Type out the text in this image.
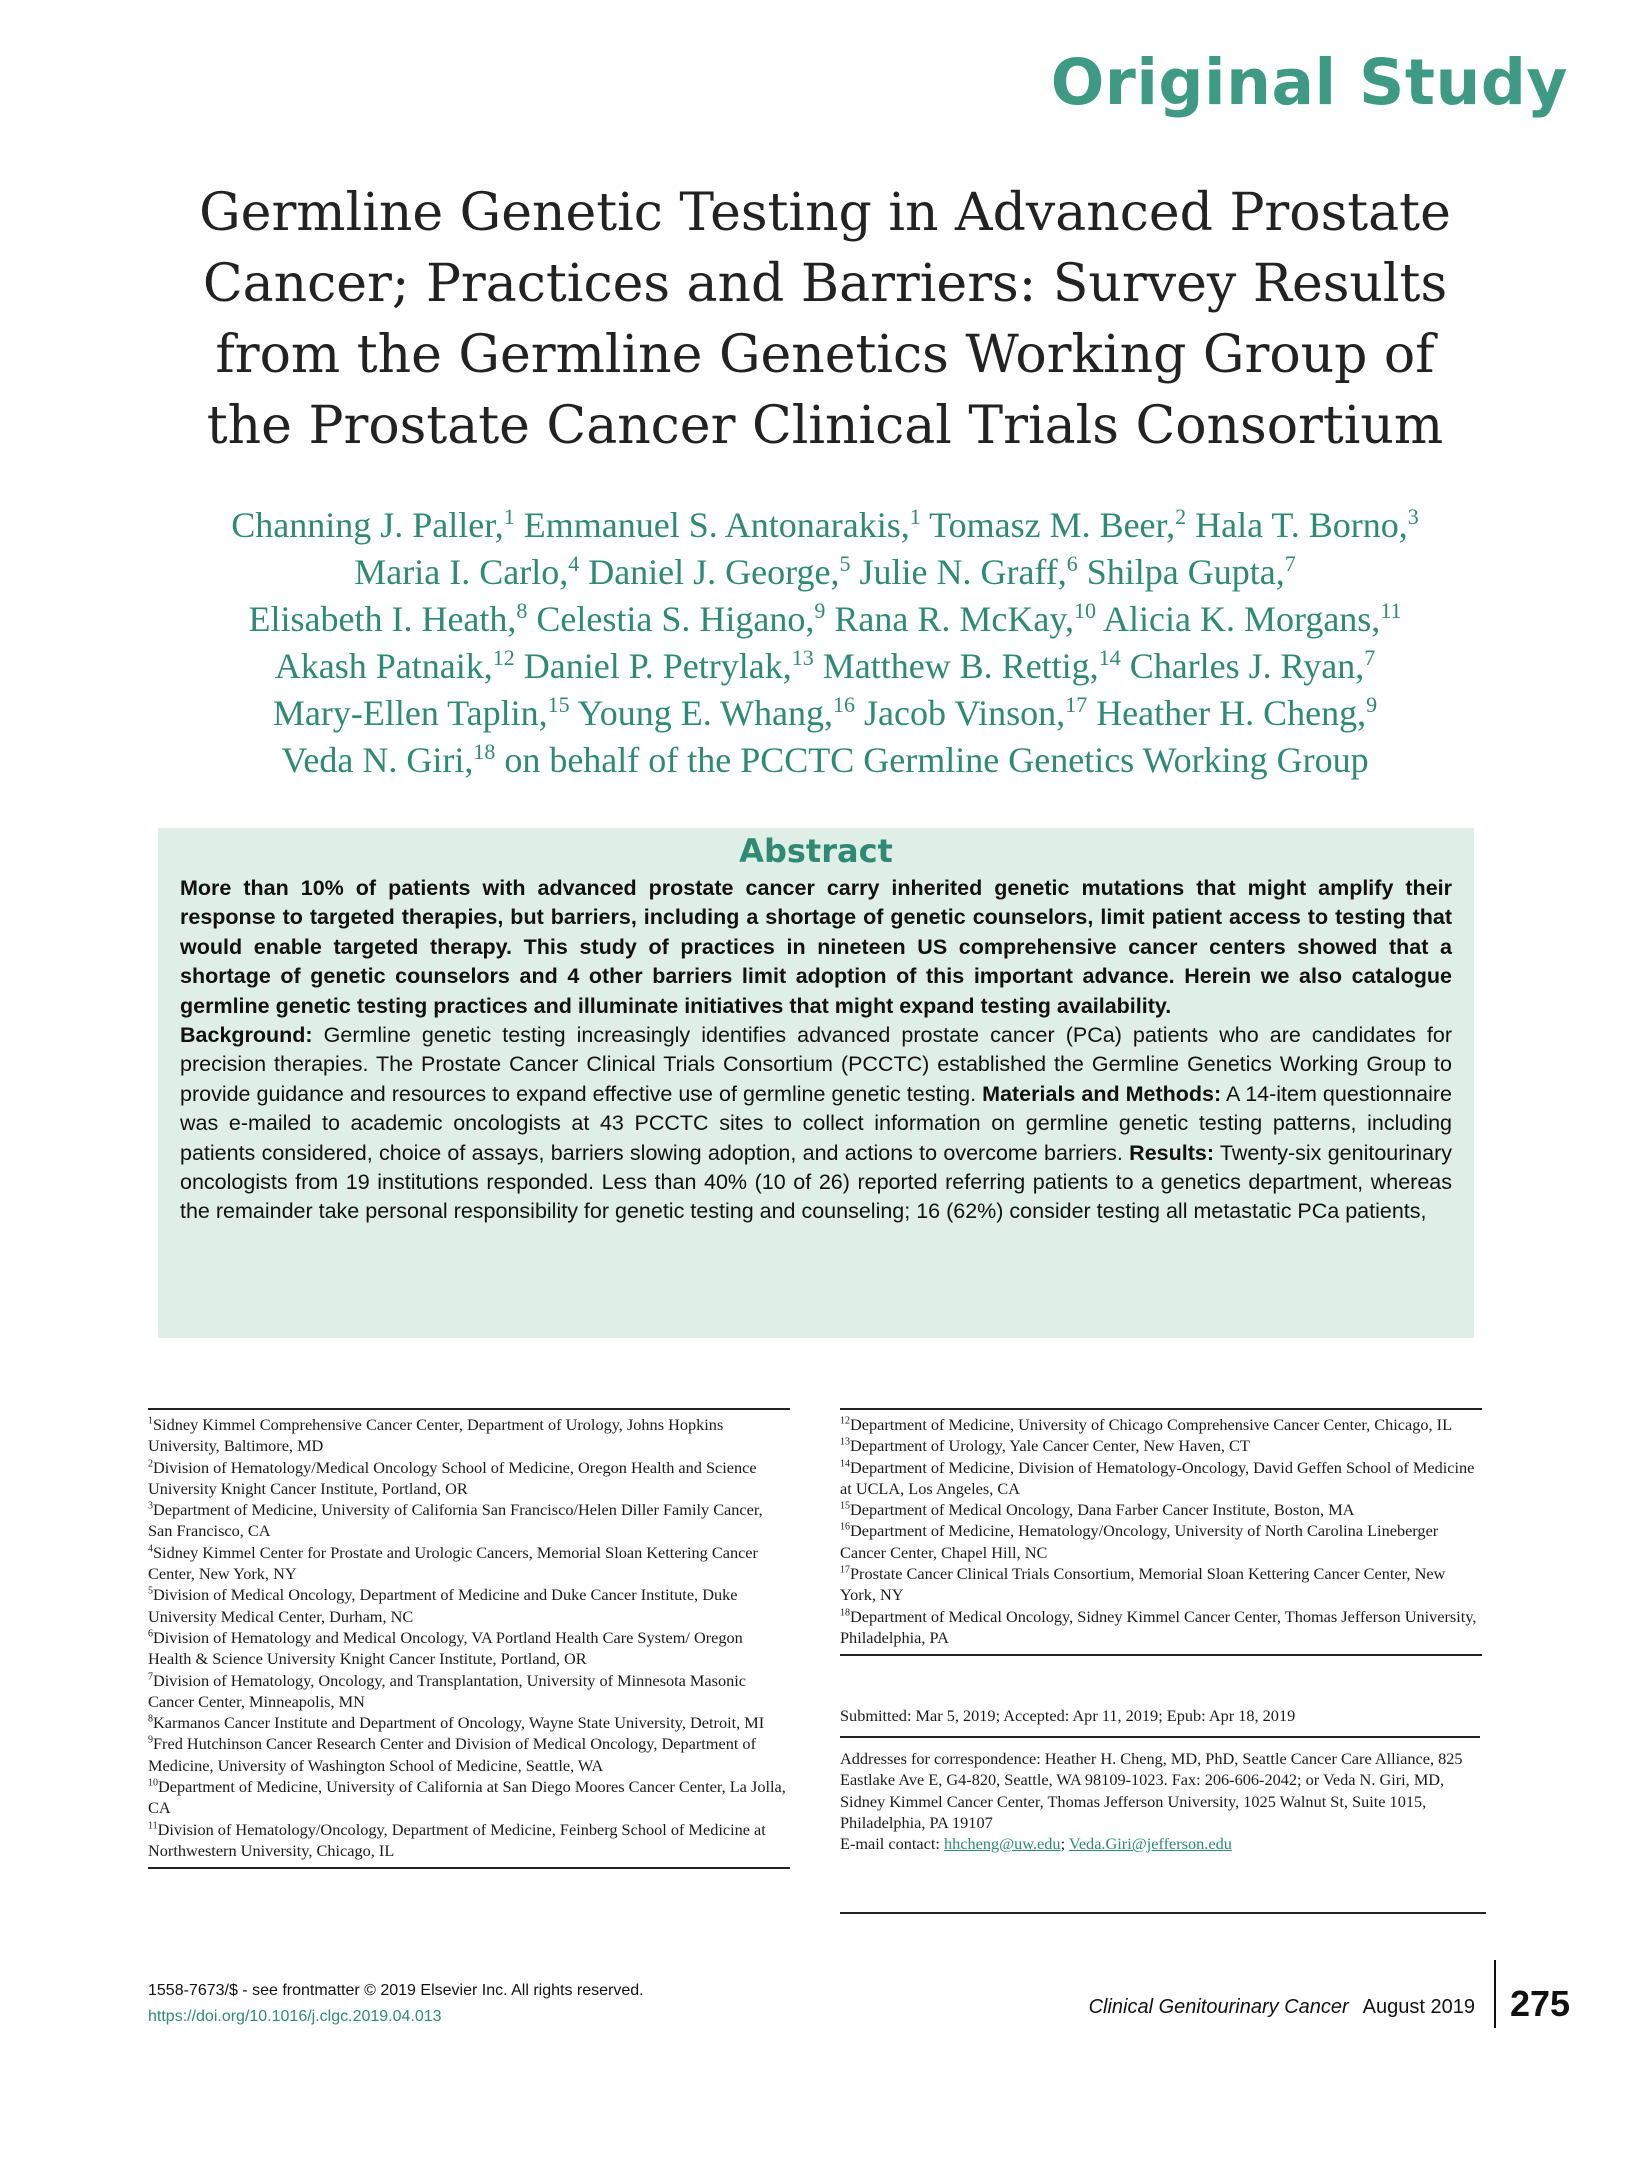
Original Study
Germline Genetic Testing in Advanced Prostate
Cancer; Practices and Barriers: Survey Results
from the Germline Genetics Working Group of
the Prostate Cancer Clinical Trials Consortium
Channing J. Paller,$^1$ Emmanuel S. Antonarakis,$^1$ Tomasz M. Beer,$^2$ Hala T. Borno,$^3$
Maria I. Carlo,$^4$ Daniel J. George,$^5$ Julie N. Graff,$^6$ Shilpa Gupta,$^7$
Elisabeth I. Heath,$^8$ Celestia S. Higano,$^9$ Rana R. McKay,$^{10}$ Alicia K. Morgans,$^{11}$
Akash Patnaik,$^{12}$ Daniel P. Petrylak,$^{13}$ Matthew B. Rettig,$^{14}$ Charles J. Ryan,$^7$
Mary-Ellen Taplin,$^{15}$ Young E. Whang,$^{16}$ Jacob Vinson,$^{17}$ Heather H. Cheng,$^9$
Veda N. Giri,$^{18}$ on behalf of the PCCTC Germline Genetics Working Group
Abstract
More than 10% of patients with advanced prostate cancer carry inherited genetic mutations that might amplify their response to targeted therapies, but barriers, including a shortage of genetic counselors, limit patient access to testing that would enable targeted therapy. This study of practices in nineteen US comprehensive cancer centers showed that a shortage of genetic counselors and 4 other barriers limit adoption of this important advance. Herein we also catalogue germline genetic testing practices and illuminate initiatives that might expand testing availability.
Background: Germline genetic testing increasingly identifies advanced prostate cancer (PCa) patients who are candidates for precision therapies. The Prostate Cancer Clinical Trials Consortium (PCCTC) established the Germline Genetics Working Group to provide guidance and resources to expand effective use of germline genetic testing. Materials and Methods: A 14-item questionnaire was e-mailed to academic oncologists at 43 PCCTC sites to collect information on germline genetic testing patterns, including patients considered, choice of assays, barriers slowing adoption, and actions to overcome barriers. Results: Twenty-six genitourinary oncologists from 19 institutions responded. Less than 40% (10 of 26) reported referring patients to a genetics department, whereas the remainder take personal responsibility for genetic testing and counseling; 16 (62%) consider testing all metastatic PCa patients,
$^1$Sidney Kimmel Comprehensive Cancer Center, Department of Urology, Johns Hopkins University, Baltimore, MD
$^2$Division of Hematology/Medical Oncology School of Medicine, Oregon Health and Science University Knight Cancer Institute, Portland, OR
$^3$Department of Medicine, University of California San Francisco/Helen Diller Family Cancer, San Francisco, CA
$^4$Sidney Kimmel Center for Prostate and Urologic Cancers, Memorial Sloan Kettering Cancer Center, New York, NY
$^5$Division of Medical Oncology, Department of Medicine and Duke Cancer Institute, Duke University Medical Center, Durham, NC
$^6$Division of Hematology and Medical Oncology, VA Portland Health Care System/ Oregon Health & Science University Knight Cancer Institute, Portland, OR
$^7$Division of Hematology, Oncology, and Transplantation, University of Minnesota Masonic Cancer Center, Minneapolis, MN
$^8$Karmanos Cancer Institute and Department of Oncology, Wayne State University, Detroit, MI
$^9$Fred Hutchinson Cancer Research Center and Division of Medical Oncology, Department of Medicine, University of Washington School of Medicine, Seattle, WA
$^{10}$Department of Medicine, University of California at San Diego Moores Cancer Center, La Jolla, CA
$^{11}$Division of Hematology/Oncology, Department of Medicine, Feinberg School of Medicine at Northwestern University, Chicago, IL
$^{12}$Department of Medicine, University of Chicago Comprehensive Cancer Center, Chicago, IL
$^{13}$Department of Urology, Yale Cancer Center, New Haven, CT
$^{14}$Department of Medicine, Division of Hematology-Oncology, David Geffen School of Medicine at UCLA, Los Angeles, CA
$^{15}$Department of Medical Oncology, Dana Farber Cancer Institute, Boston, MA
$^{16}$Department of Medicine, Hematology/Oncology, University of North Carolina Lineberger Cancer Center, Chapel Hill, NC
$^{17}$Prostate Cancer Clinical Trials Consortium, Memorial Sloan Kettering Cancer Center, New York, NY
$^{18}$Department of Medical Oncology, Sidney Kimmel Cancer Center, Thomas Jefferson University, Philadelphia, PA
Submitted: Mar 5, 2019; Accepted: Apr 11, 2019; Epub: Apr 18, 2019
Addresses for correspondence: Heather H. Cheng, MD, PhD, Seattle Cancer Care Alliance, 825 Eastlake Ave E, G4-820, Seattle, WA 98109-1023. Fax: 206-606-2042; or Veda N. Giri, MD, Sidney Kimmel Cancer Center, Thomas Jefferson University, 1025 Walnut St, Suite 1015, Philadelphia, PA 19107
E-mail contact: hhcheng@uw.edu; Veda.Giri@jefferson.edu
1558-7673/$ - see frontmatter © 2019 Elsevier Inc. All rights reserved.
https://doi.org/10.1016/j.clgc.2019.04.013	Clinical Genitourinary Cancer August 2019 275
